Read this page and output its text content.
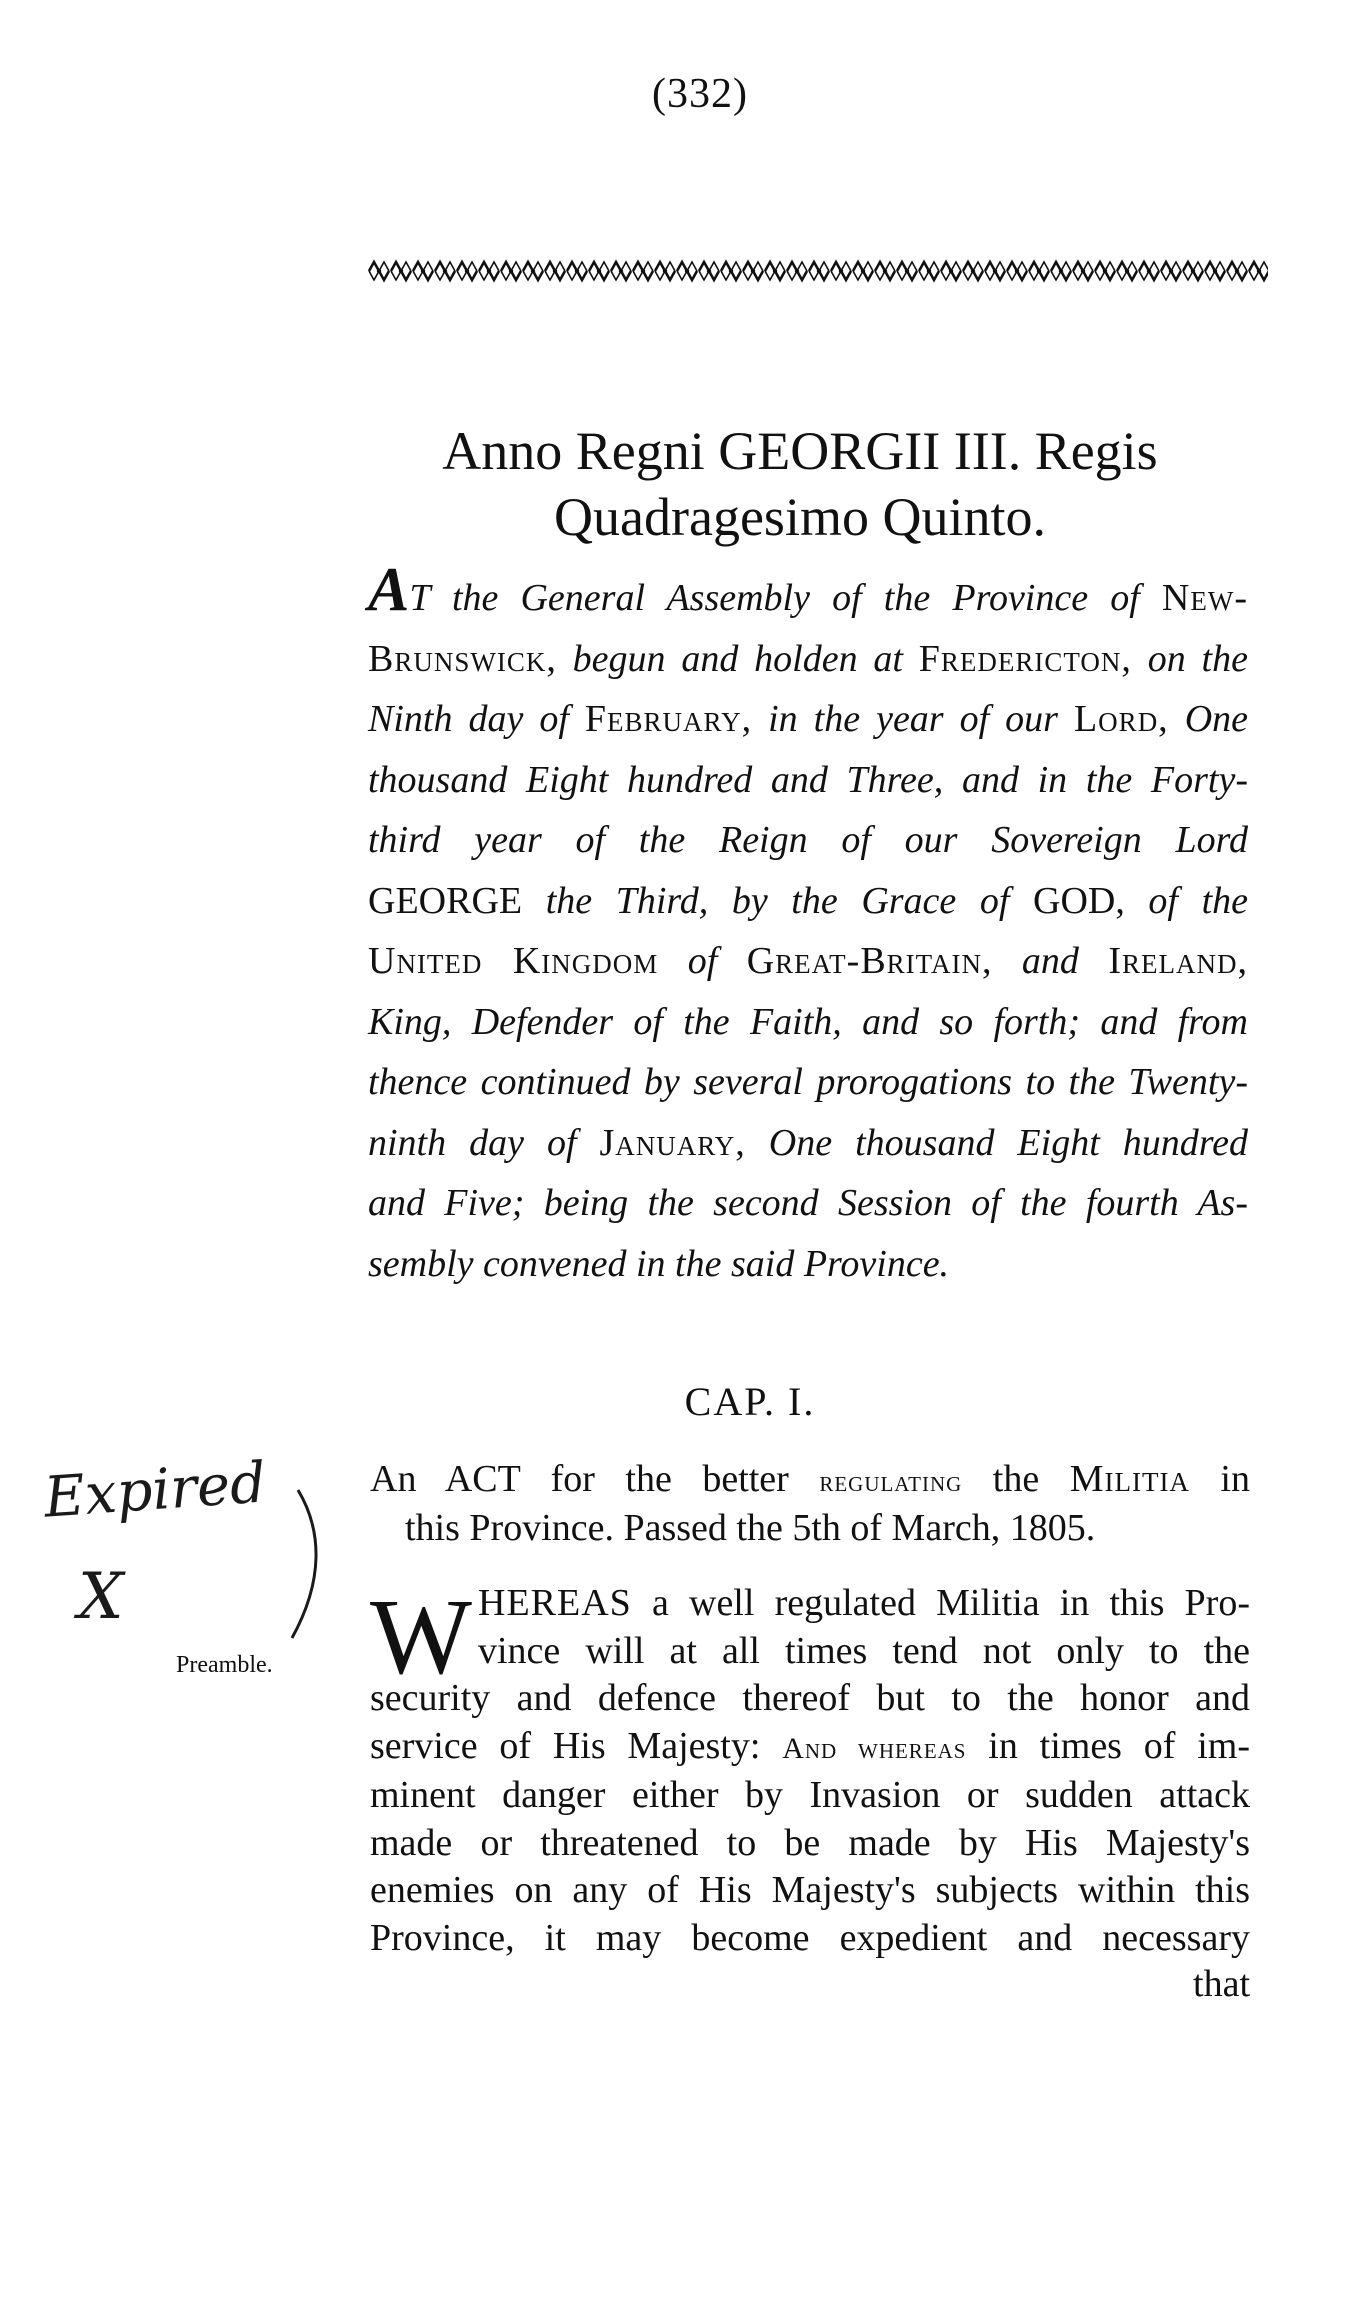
(332)
Anno Regni GEORGII III. Regis
Quadragesimo Quinto.
AT the General Assembly of the Province of New-
Brunswick, begun and holden at Fredericton, on the
Ninth day of February, in the year of our Lord, One
thousand Eight hundred and Three, and in the Forty-
third year of the Reign of our Sovereign Lord
GEORGE the Third, by the Grace of GOD, of the
United Kingdom of Great-Britain, and Ireland,
King, Defender of the Faith, and so forth; and from
thence continued by several prorogations to the Twenty-
ninth day of January, One thousand Eight hundred
and Five; being the second Session of the fourth As-
sembly convened in the said Province.
CAP. I.
An ACT for the better regulating the Militia in
this Province. Passed the 5th of March, 1805.
Expired
X
Preamble. W HEREAS a well regulated Militia in this Pro-
vince will at all times tend not only to the
security and defence thereof but to the honor and
service of His Majesty: And whereas in times of im-
minent danger either by Invasion or sudden attack
made or threatened to be made by His Majesty's
enemies on any of His Majesty's subjects within this
Province, it may become expedient and necessary
that
